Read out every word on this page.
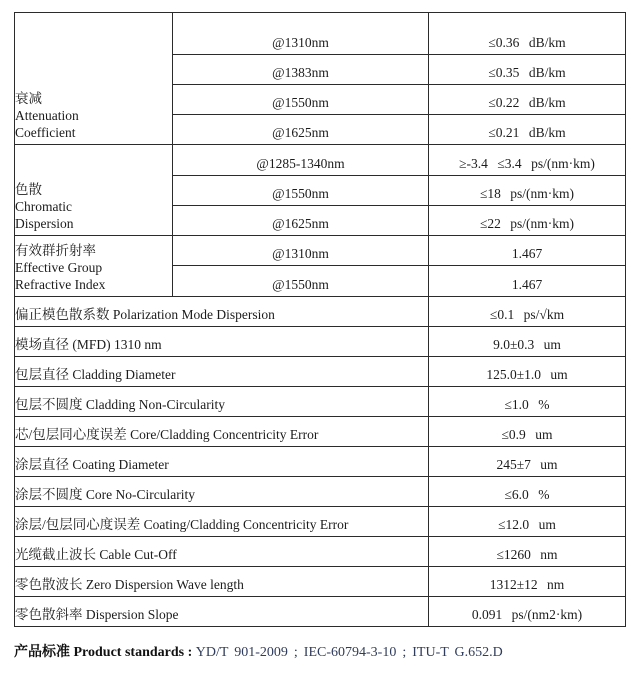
衰减
Attenuation
Coefficient	@1310nm	≤0.36 dB/km
	@1383nm	≤0.35 dB/km
	@1550nm	≤0.22 dB/km
	@1625nm	≤0.21 dB/km

色散
Chromatic
Dispersion	@1285-1340nm	≥-3.4 ≤3.4 ps/(nm·km)
	@1550nm	≤18 ps/(nm·km)
	@1625nm	≤22 ps/(nm·km)

有效群折射率
Effective Group
Refractive Index	@1310nm	1.467
	@1550nm	1.467
偏正模色散系数 Polarization Mode Dispersion		≤0.1 ps/√km
模场直径 (MFD) 1310 nm		9.0±0.3 um
包层直径 Cladding Diameter		125.0±1.0 um
包层不圆度 Cladding Non-Circularity		≤1.0 %
芯/包层同心度误差 Core/Cladding Concentricity Error		≤0.9 um
涂层直径 Coating Diameter		245±7 um
涂层不圆度 Core No-Circularity		≤6.0 %
涂层/包层同心度误差 Coating/Cladding Concentricity Error		≤12.0 um
光缆截止波长 Cable Cut-Off		≤1260 nm
零色散波长 Zero Dispersion Wave length		1312±12 nm
零色散斜率 Dispersion Slope		0.091 ps/(nm2·km)
产品标准 Product standards : YD/T 901-2009 ; IEC-60794-3-10 ; ITU-T G.652.D
